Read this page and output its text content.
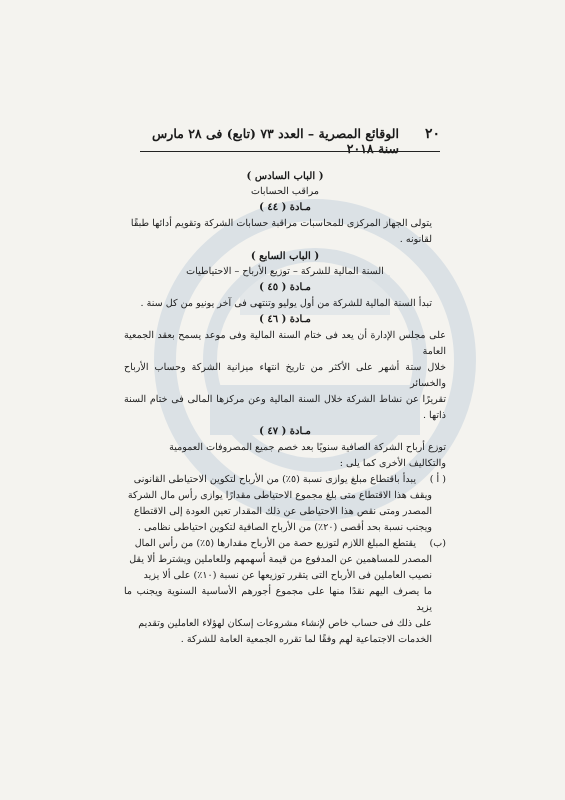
٢٠
الوقائع المصرية – العدد ٧٣ (تابع) فى ٢٨ مارس سنة ٢٠١٨
( الباب السادس )
مراقب الحسابات
مـادة ( ٤٤ )
يتولى الجهاز المركزى للمحاسبات مراقبة حسابات الشركة وتقويم أدائها طبقًا لقانونه .
( الباب السابع )
السنة المالية للشركة – توزيع الأرباح – الاحتياطيات
مـادة ( ٤٥ )
تبدأ السنة المالية للشركة من أول يوليو وتنتهى فى آخر يونيو من كل سنة .
مـادة ( ٤٦ )
على مجلس الإدارة أن يعد فى ختام السنة المالية وفى موعد يسمح بعقد الجمعية العامة
خلال ستة أشهر على الأكثر من تاريخ انتهاء ميزانية الشركة وحساب الأرباح والخسائر
تقريرًا عن نشاط الشركة خلال السنة المالية وعن مركزها المالى فى ختام السنة ذاتها .
مـادة ( ٤٧ )
توزع أرباح الشركة الصافية سنويًا بعد خصم جميع المصروفات العمومية
والتكاليف الأخرى كما يلى :
( أ )يبدأ باقتطاع مبلغ يوازى نسبة (٥٪) من الأرباح لتكوين الاحتياطى القانونى
ويقف هذا الاقتطاع متى بلغ مجموع الاحتياطى مقدارًا يوازى رأس مال الشركة
المصدر ومتى نقص هذا الاحتياطى عن ذلك المقدار تعين العودة إلى الاقتطاع
ويجنب نسبة بحد أقصى (٢٠٪) من الأرباح الصافية لتكوين احتياطى نظامى .
(ب)يقتطع المبلغ اللازم لتوزيع حصة من الأرباح مقدارها (٥٪) من رأس المال
المصدر للمساهمين عن المدفوع من قيمة أسهمهم وللعاملين ويشترط ألا يقل
نصيب العاملين فى الأرباح التى يتقرر توزيعها عن نسبة (١٠٪) على ألا يزيد
ما يصرف اليهم نقدًا منها على مجموع أجورهم الأساسية السنوية ويجنب ما يزيد
على ذلك فى حساب خاص لإنشاء مشروعات إسكان لهؤلاء العاملين وتقديم
الخدمات الاجتماعية لهم وفقًا لما تقرره الجمعية العامة للشركة .
